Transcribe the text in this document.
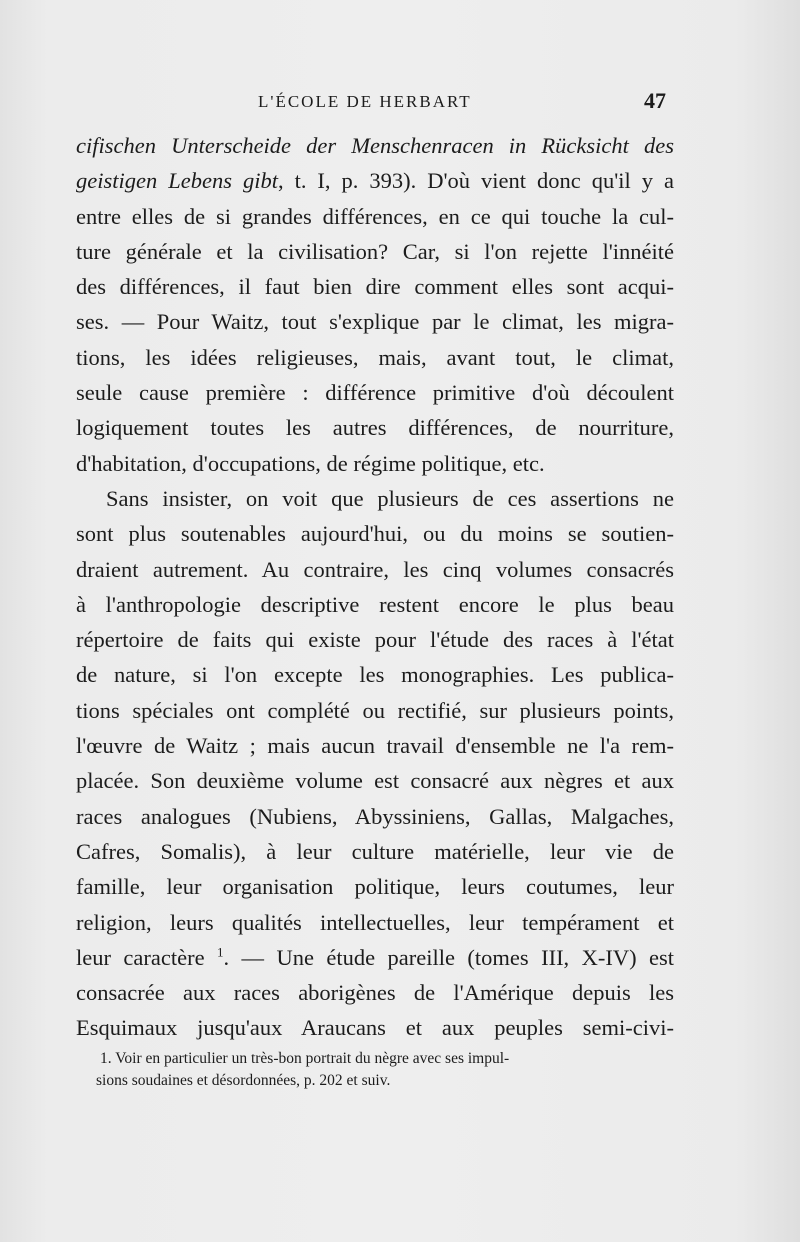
L'ÉCOLE DE HERBART	47
cifischen Unterscheide der Menschenracen in Rücksicht des
geistigen Lebens gibt, t. I, p. 393). D'où vient donc qu'il y a
entre elles de si grandes différences, en ce qui touche la cul-
ture générale et la civilisation? Car, si l'on rejette l'innéité
des différences, il faut bien dire comment elles sont acqui-
ses. — Pour Waitz, tout s'explique par le climat, les migra-
tions, les idées religieuses, mais, avant tout, le climat,
seule cause première : différence primitive d'où découlent
logiquement toutes les autres différences, de nourriture,
d'habitation, d'occupations, de régime politique, etc.
Sans insister, on voit que plusieurs de ces assertions ne
sont plus soutenables aujourd'hui, ou du moins se soutien-
draient autrement. Au contraire, les cinq volumes consacrés
à l'anthropologie descriptive restent encore le plus beau
répertoire de faits qui existe pour l'étude des races à l'état
de nature, si l'on excepte les monographies. Les publica-
tions spéciales ont complété ou rectifié, sur plusieurs points,
l'œuvre de Waitz ; mais aucun travail d'ensemble ne l'a rem-
placée. Son deuxième volume est consacré aux nègres et aux
races analogues (Nubiens, Abyssiniens, Gallas, Malgaches,
Cafres, Somalis), à leur culture matérielle, leur vie de
famille, leur organisation politique, leurs coutumes, leur
religion, leurs qualités intellectuelles, leur tempérament et
leur caractère $^1$. — Une étude pareille (tomes III, X-IV) est
consacrée aux races aborigènes de l'Amérique depuis les
Esquimaux jusqu'aux Araucans et aux peuples semi-civi-
1. Voir en particulier un très-bon portrait du nègre avec ses impul-
sions soudaines et désordonnées, p. 202 et suiv.
